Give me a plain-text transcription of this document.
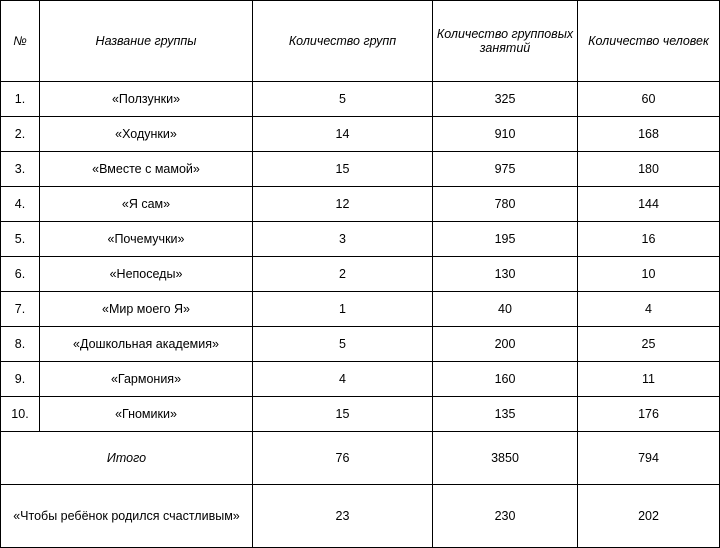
№	Название группы	Количество групп	Количество групповых занятий	Количество человек
1.	«Ползунки»	5	325	60
2.	«Ходунки»	14	910	168
3.	«Вместе с мамой»	15	975	180
4.	«Я сам»	12	780	144
5.	«Почемучки»	3	195	16
6.	«Непоседы»	2	130	10
7.	«Мир моего Я»	1	40	4
8.	«Дошкольная академия»	5	200	25
9.	«Гармония»	4	160	11
10.	«Гномики»	15	135	176
Итого		76	3850	794
«Чтобы ребёнок родился счастливым»		23	230	202
